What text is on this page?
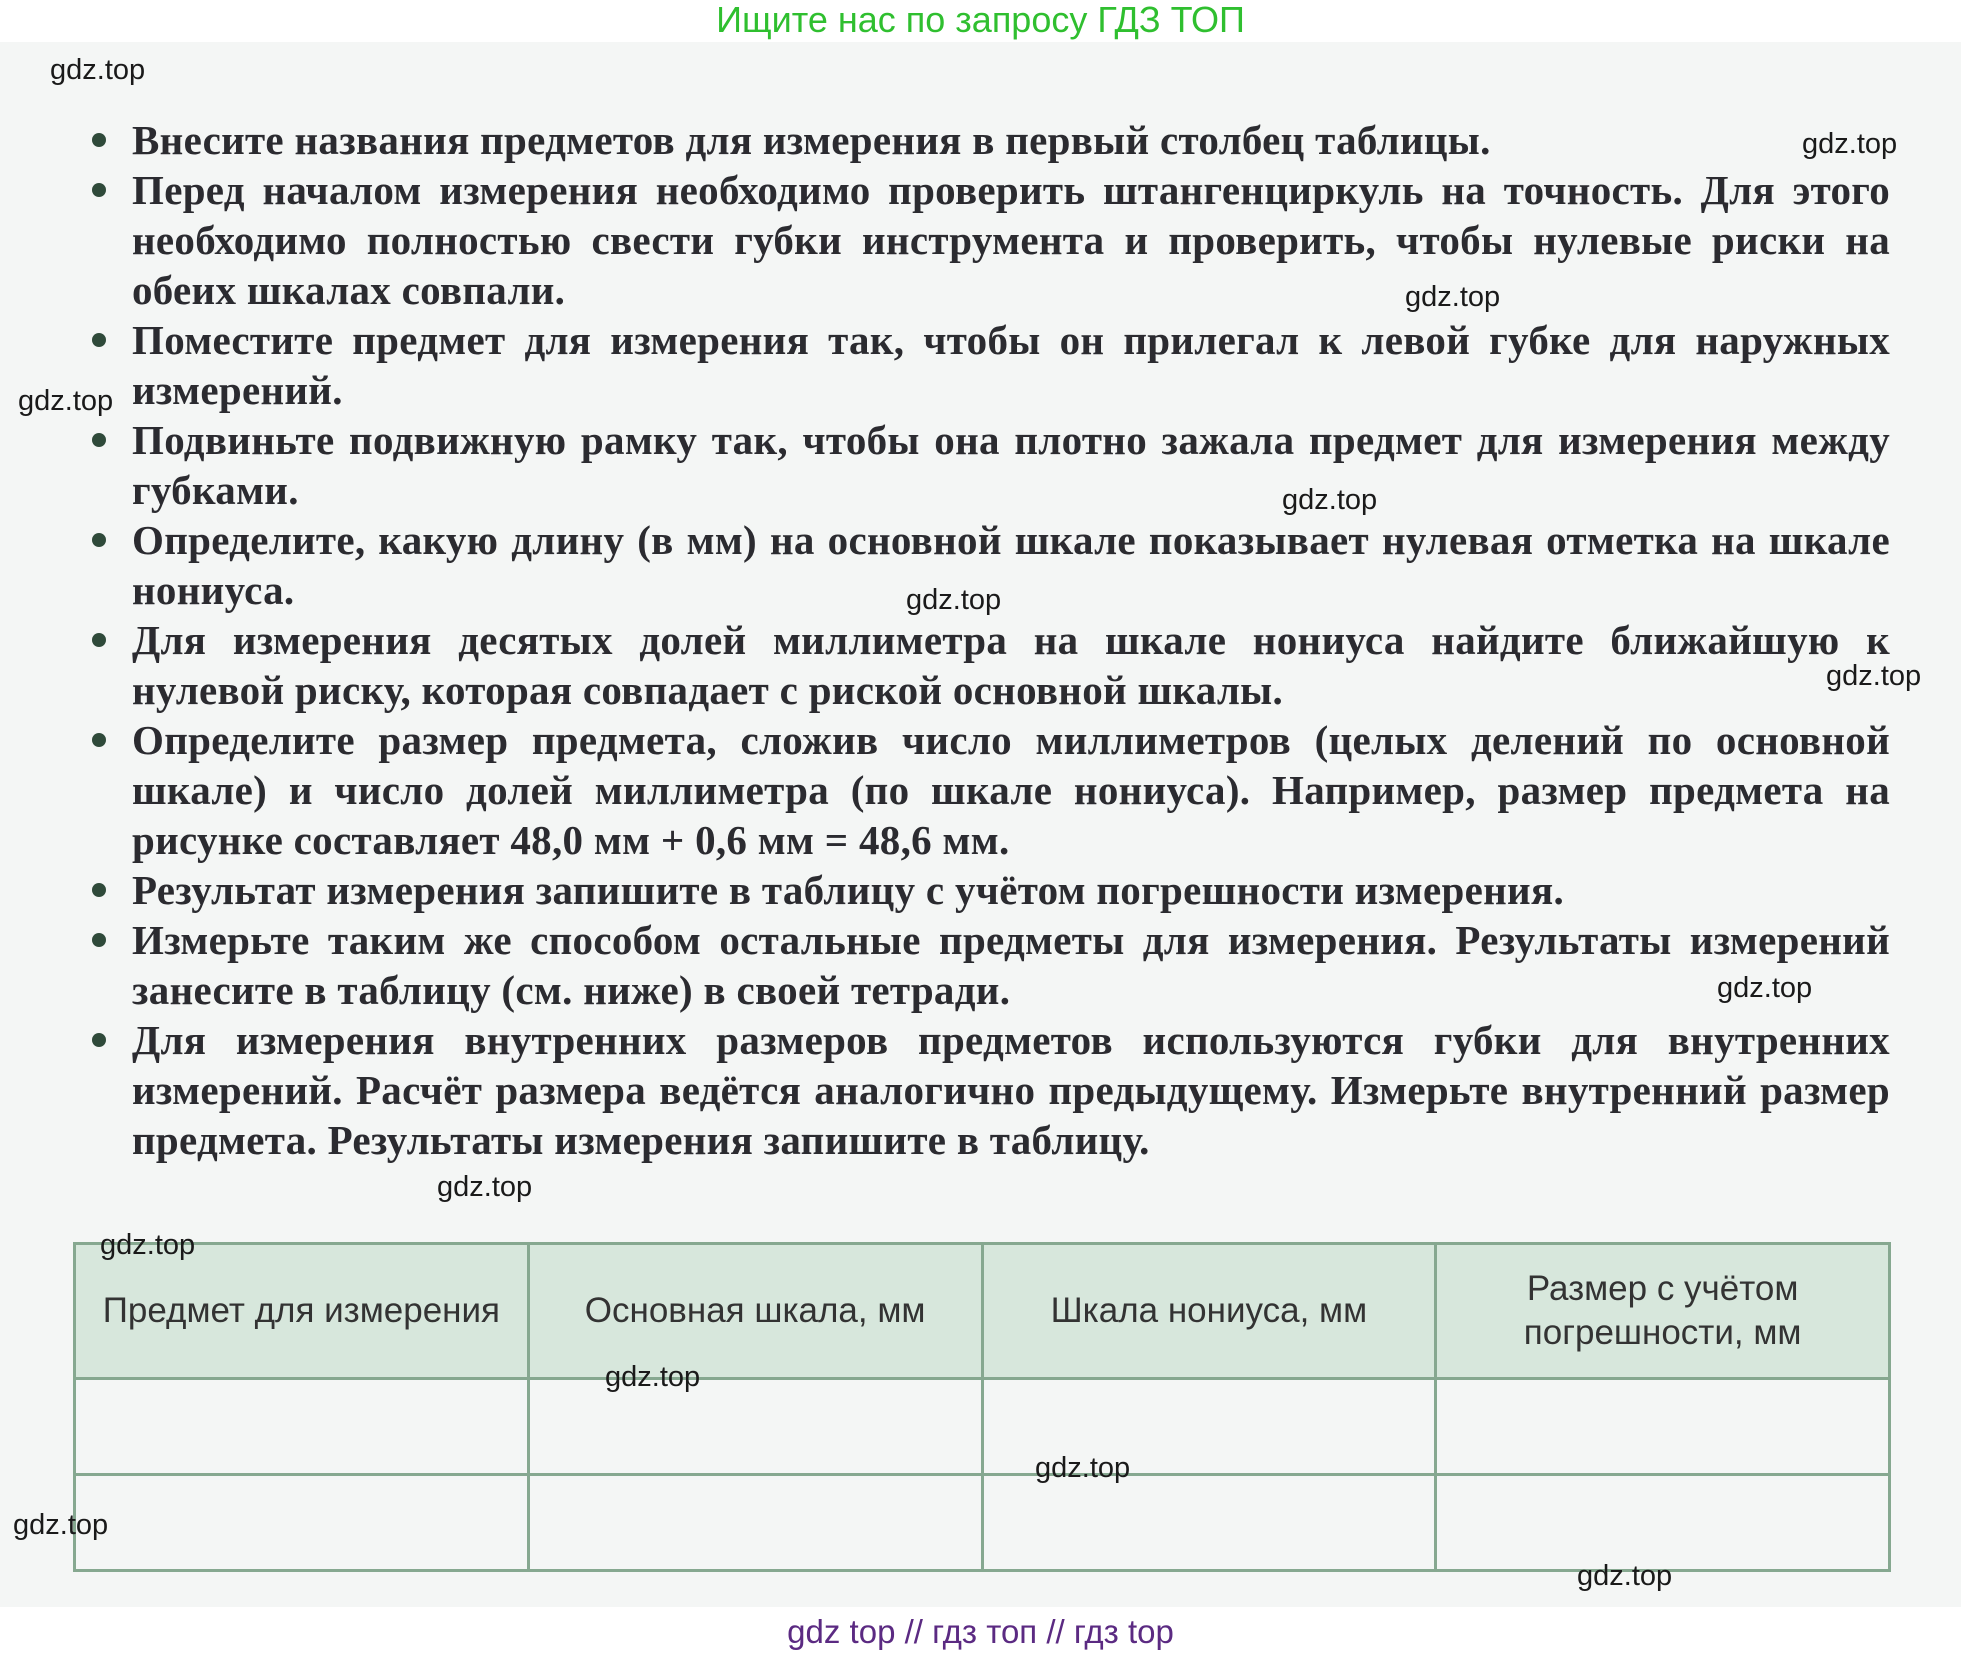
Ищите нас по запросу ГДЗ ТОП
Внесите названия предметов для измерения в первый столбец таблицы.
Перед началом измерения необходимо проверить штангенциркуль на точность. Для этого необходимо полностью свести губки инструмента и проверить, чтобы нулевые риски на обеих шкалах совпали.
Поместите предмет для измерения так, чтобы он прилегал к левой губке для наружных измерений.
Подвиньте подвижную рамку так, чтобы она плотно зажала предмет для измерения между губками.
Определите, какую длину (в мм) на основной шкале показывает нулевая отметка на шкале нониуса.
Для измерения десятых долей миллиметра на шкале нониуса найдите ближайшую к нулевой риску, которая совпадает с риской основной шкалы.
Определите размер предмета, сложив число миллиметров (целых делений по основной шкале) и число долей миллиметра (по шкале нониуса). Например, размер предмета на рисунке составляет 48,0 мм + 0,6 мм = 48,6 мм.
Результат измерения запишите в таблицу с учётом погрешности измерения.
Измерьте таким же способом остальные предметы для измерения. Результаты измерений занесите в таблицу (см. ниже) в своей тетради.
Для измерения внутренних размеров предметов используются губки для внутренних измерений. Расчёт размера ведётся аналогично предыдущему. Измерьте внутренний размер предмета. Результаты измерения запишите в таблицу.
Предмет для измерения	Основная шкала, мм	Шкала нониуса, мм	Размер с учётом погрешности, мм

gdz.top
gdz.top
gdz.top
gdz.top
gdz.top
gdz.top
gdz.top
gdz.top
gdz.top
gdz.top
gdz.top
gdz.top
gdz.top
gdz.top
gdz top // гдз топ // гдз top
